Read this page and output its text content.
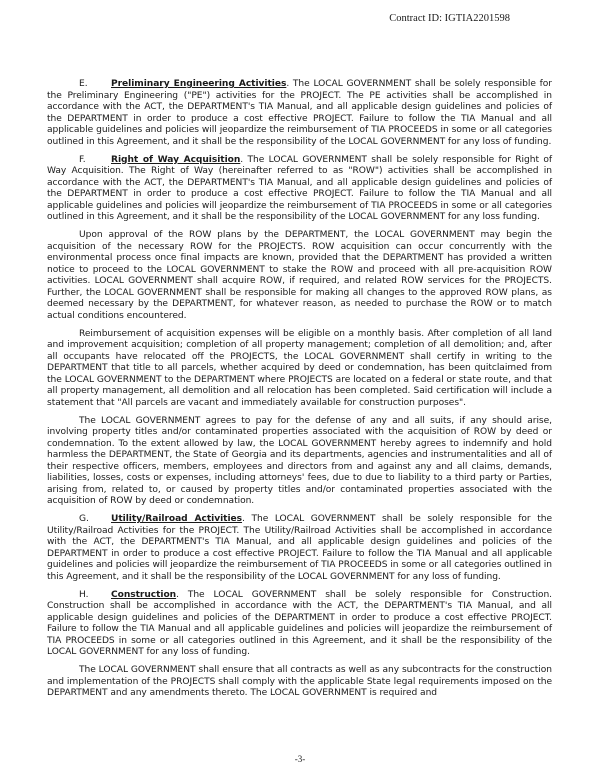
Contract ID: IGTIA2201598

E.	Preliminary Engineering Activities. The LOCAL GOVERNMENT shall be solely responsible for the Preliminary Engineering ("PE") activities for the PROJECT. The PE activities shall be accomplished in accordance with the ACT, the DEPARTMENT's TIA Manual, and all applicable design guidelines and policies of the DEPARTMENT in order to produce a cost effective PROJECT. Failure to follow the TIA Manual and all applicable guidelines and policies will jeopardize the reimbursement of TIA PROCEEDS in some or all categories outlined in this Agreement, and it shall be the responsibility of the LOCAL GOVERNMENT for any loss of funding.

F.	Right of Way Acquisition. The LOCAL GOVERNMENT shall be solely responsible for Right of Way Acquisition. The Right of Way (hereinafter referred to as "ROW") activities shall be accomplished in accordance with the ACT, the DEPARTMENT's TIA Manual, and all applicable design guidelines and policies of the DEPARTMENT in order to produce a cost effective PROJECT. Failure to follow the TIA Manual and all applicable guidelines and policies will jeopardize the reimbursement of TIA PROCEEDS in some or all categories outlined in this Agreement, and it shall be the responsibility of the LOCAL GOVERNMENT for any loss funding.

Upon approval of the ROW plans by the DEPARTMENT, the LOCAL GOVERNMENT may begin the acquisition of the necessary ROW for the PROJECTS. ROW acquisition can occur concurrently with the environmental process once final impacts are known, provided that the DEPARTMENT has provided a written notice to proceed to the LOCAL GOVERNMENT to stake the ROW and proceed with all pre-acquisition ROW activities. LOCAL GOVERNMENT shall acquire ROW, if required, and related ROW services for the PROJECTS. Further, the LOCAL GOVERNMENT shall be responsible for making all changes to the approved ROW plans, as deemed necessary by the DEPARTMENT, for whatever reason, as needed to purchase the ROW or to match actual conditions encountered.

Reimbursement of acquisition expenses will be eligible on a monthly basis. After completion of all land and improvement acquisition; completion of all property management; completion of all demolition; and, after all occupants have relocated off the PROJECTS, the LOCAL GOVERNMENT shall certify in writing to the DEPARTMENT that title to all parcels, whether acquired by deed or condemnation, has been quitclaimed from the LOCAL GOVERNMENT to the DEPARTMENT where PROJECTS are located on a federal or state route, and that all property management, all demolition and all relocation has been completed. Said certification will include a statement that "All parcels are vacant and immediately available for construction purposes".

The LOCAL GOVERNMENT agrees to pay for the defense of any and all suits, if any should arise, involving property titles and/or contaminated properties associated with the acquisition of ROW by deed or condemnation. To the extent allowed by law, the LOCAL GOVERNMENT hereby agrees to indemnify and hold harmless the DEPARTMENT, the State of Georgia and its departments, agencies and instrumentalities and all of their respective officers, members, employees and directors from and against any and all claims, demands, liabilities, losses, costs or expenses, including attorneys' fees, due to due to liability to a third party or Parties, arising from, related to, or caused by property titles and/or contaminated properties associated with the acquisition of ROW by deed or condemnation.

G. Utility/Railroad Activities. The LOCAL GOVERNMENT shall be solely responsible for the Utility/Railroad Activities for the PROJECT. The Utility/Railroad Activities shall be accomplished in accordance with the ACT, the DEPARTMENT's TIA Manual, and all applicable design guidelines and policies of the DEPARTMENT in order to produce a cost effective PROJECT. Failure to follow the TIA Manual and all applicable guidelines and policies will jeopardize the reimbursement of TIA PROCEEDS in some or all categories outlined in this Agreement, and it shall be the responsibility of the LOCAL GOVERNMENT for any loss of funding.

H. Construction. The LOCAL GOVERNMENT shall be solely responsible for Construction. Construction shall be accomplished in accordance with the ACT, the DEPARTMENT's TIA Manual, and all applicable design guidelines and policies of the DEPARTMENT in order to produce a cost effective PROJECT. Failure to follow the TIA Manual and all applicable guidelines and policies will jeopardize the reimbursement of TIA PROCEEDS in some or all categories outlined in this Agreement, and it shall be the responsibility of the LOCAL GOVERNMENT for any loss of funding.

The LOCAL GOVERNMENT shall ensure that all contracts as well as any subcontracts for the construction and implementation of the PROJECTS shall comply with the applicable State legal requirements imposed on the DEPARTMENT and any amendments thereto. The LOCAL GOVERNMENT is required and

-3-
